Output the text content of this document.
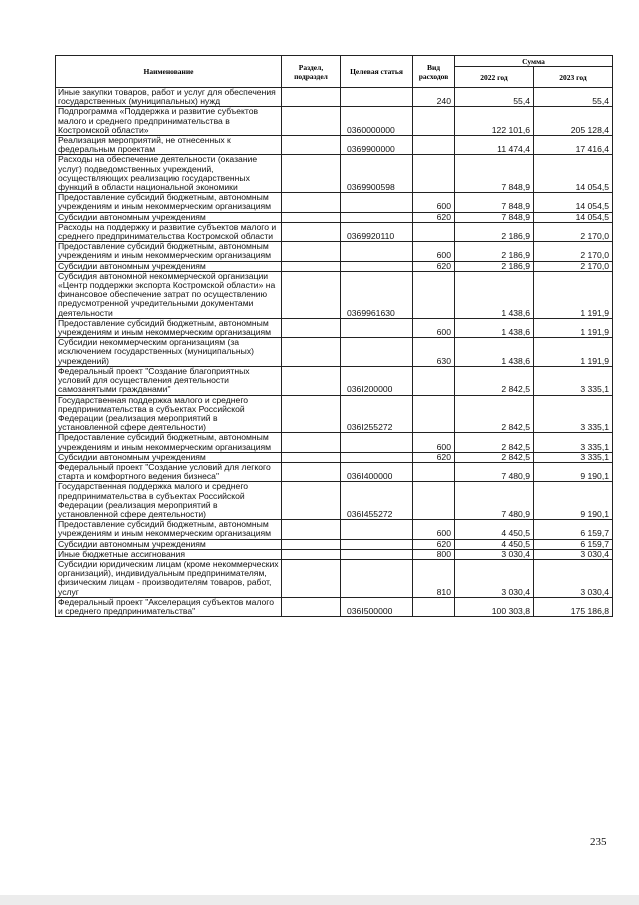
Наименование	Раздел, подраздел	Целевая статья	Вид расходов	Сумма	
				2022 год	2023 год
Иные закупки товаров, работ и услуг для обеспечения государственных (муниципальных) нужд			240	55,4	55,4
Подпрограмма «Поддержка и развитие субъектов малого и среднего предпринимательства в Костромской области»		0360000000		122 101,6	205 128,4
Реализация мероприятий, не отнесенных к федеральным проектам		0369900000		11 474,4	17 416,4
Расходы на обеспечение деятельности (оказание услуг) подведомственных учреждений, осуществляющих реализацию государственных функций в области национальной экономики		0369900598		7 848,9	14 054,5
Предоставление субсидий бюджетным, автономным учреждениям и иным некоммерческим организациям			600	7 848,9	14 054,5
Субсидии автономным учреждениям			620	7 848,9	14 054,5
Расходы на поддержку и развитие субъектов малого и среднего предпринимательства Костромской области		0369920110		2 186,9	2 170,0
Предоставление субсидий бюджетным, автономным учреждениям и иным некоммерческим организациям			600	2 186,9	2 170,0
Субсидии автономным учреждениям			620	2 186,9	2 170,0
Субсидия автономной некоммерческой организации «Центр поддержки экспорта Костромской области» на финансовое обеспечение затрат по осуществлению предусмотренной учредительными документами деятельности		0369961630		1 438,6	1 191,9
Предоставление субсидий бюджетным, автономным учреждениям и иным некоммерческим организациям			600	1 438,6	1 191,9
Субсидии некоммерческим организациям (за исключением государственных (муниципальных) учреждений)			630	1 438,6	1 191,9
Федеральный проект "Создание благоприятных условий для осуществления деятельности самозанятыми гражданами"		036I200000		2 842,5	3 335,1
Государственная поддержка малого и среднего предпринимательства в субъектах Российской Федерации (реализация мероприятий в установленной сфере деятельности)		036I255272		2 842,5	3 335,1
Предоставление субсидий бюджетным, автономным учреждениям и иным некоммерческим организациям			600	2 842,5	3 335,1
Субсидии автономным учреждениям			620	2 842,5	3 335,1
Федеральный проект "Создание условий для легкого старта и комфортного ведения бизнеса"		036I400000		7 480,9	9 190,1
Государственная поддержка малого и среднего предпринимательства в субъектах Российской Федерации (реализация мероприятий в установленной сфере деятельности)		036I455272		7 480,9	9 190,1
Предоставление субсидий бюджетным, автономным учреждениям и иным некоммерческим организациям			600	4 450,5	6 159,7
Субсидии автономным учреждениям			620	4 450,5	6 159,7
Иные бюджетные ассигнования			800	3 030,4	3 030,4
Субсидии юридическим лицам (кроме некоммерческих организаций), индивидуальным предпринимателям, физическим лицам - производителям товаров, работ, услуг			810	3 030,4	3 030,4
Федеральный проект "Акселерация субъектов малого и среднего предпринимательства"		036I500000		100 303,8	175 186,8
235
